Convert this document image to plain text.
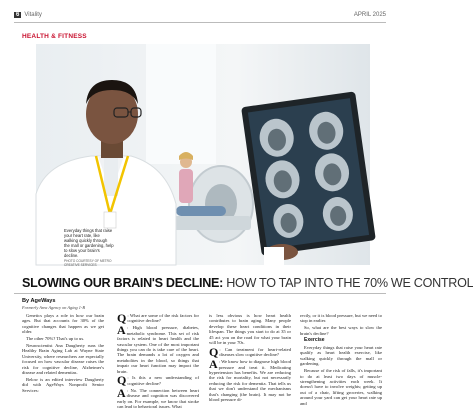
6 Vitality	APRIL 2025
HEALTH & FITNESS
Everyday things that raise your heart rate, like walking quickly through the mall or gardening, help to slow your brain's decline.
PHOTO COURTESY OF METRO CREATIVE SERVICES
SLOWING OUR BRAIN'S DECLINE: HOW TO TAP INTO THE 70% WE CONTROL
By AgeWays
Formerly Area Agency on Aging 1-B

Genetics plays a role in how our brain ages. But that accounts for 30% of the cognitive changes that happen as we get older.

The other 70%? That's up to us.

Neuroscientist Ana Daugherty runs the Healthy Brain Aging Lab at Wayne State University, where researchers are especially focused on how vascular disease raises the risk for cognitive decline, Alzheimer's disease and related dementias.

Below is an edited interview Daugherty did with AgeWays Nonprofit Senior Services:

Q : What are some of the risk factors for cognitive decline?

A : High blood pressure, diabetes, metabolic syndrome. This set of risk factors is related to heart health and the vascular system. One of the most important things you can do is take care of the heart. The brain demands a lot of oxygen and metabolites in the blood, so things that impair our heart function may impact the brain.

Q : Is this a new understanding of cognitive decline?

A : No. The connection between heart disease and cognition was discovered early on. For example, we know that stroke can lead to behavioral issues. What

is less obvious is how heart health contributes to brain aging. Many people develop these heart conditions in their lifespan. The things you start to do at 35 or 45 act you on the road for what your brain will be in your 70s.

Q : Can treatment for heart-related diseases slow cognitive decline?

A : We know how to diagnose high blood pressure and treat it. Medicating hypertension has benefits. We are reducing the risk for mortality, but not necessarily reducing the risk for dementia. That tells us that we don't understand the mechanisms that's changing (the brain). It may not be blood pressure di-

rectly, or it is blood pressure, but we need to stop in earlier.

So, what are the best ways to slow the brain's decline?

Exercise

Everyday things that raise your heart rate qualify as heart health exercise, like walking quickly through the mall or gardening.

Because of the risk of falls, it's important to do at least two days of muscle-strengthening activities each week. It doesn't have to involve weights; getting up out of a chair, lifting groceries, walking around your yard can get your heart rate up and
